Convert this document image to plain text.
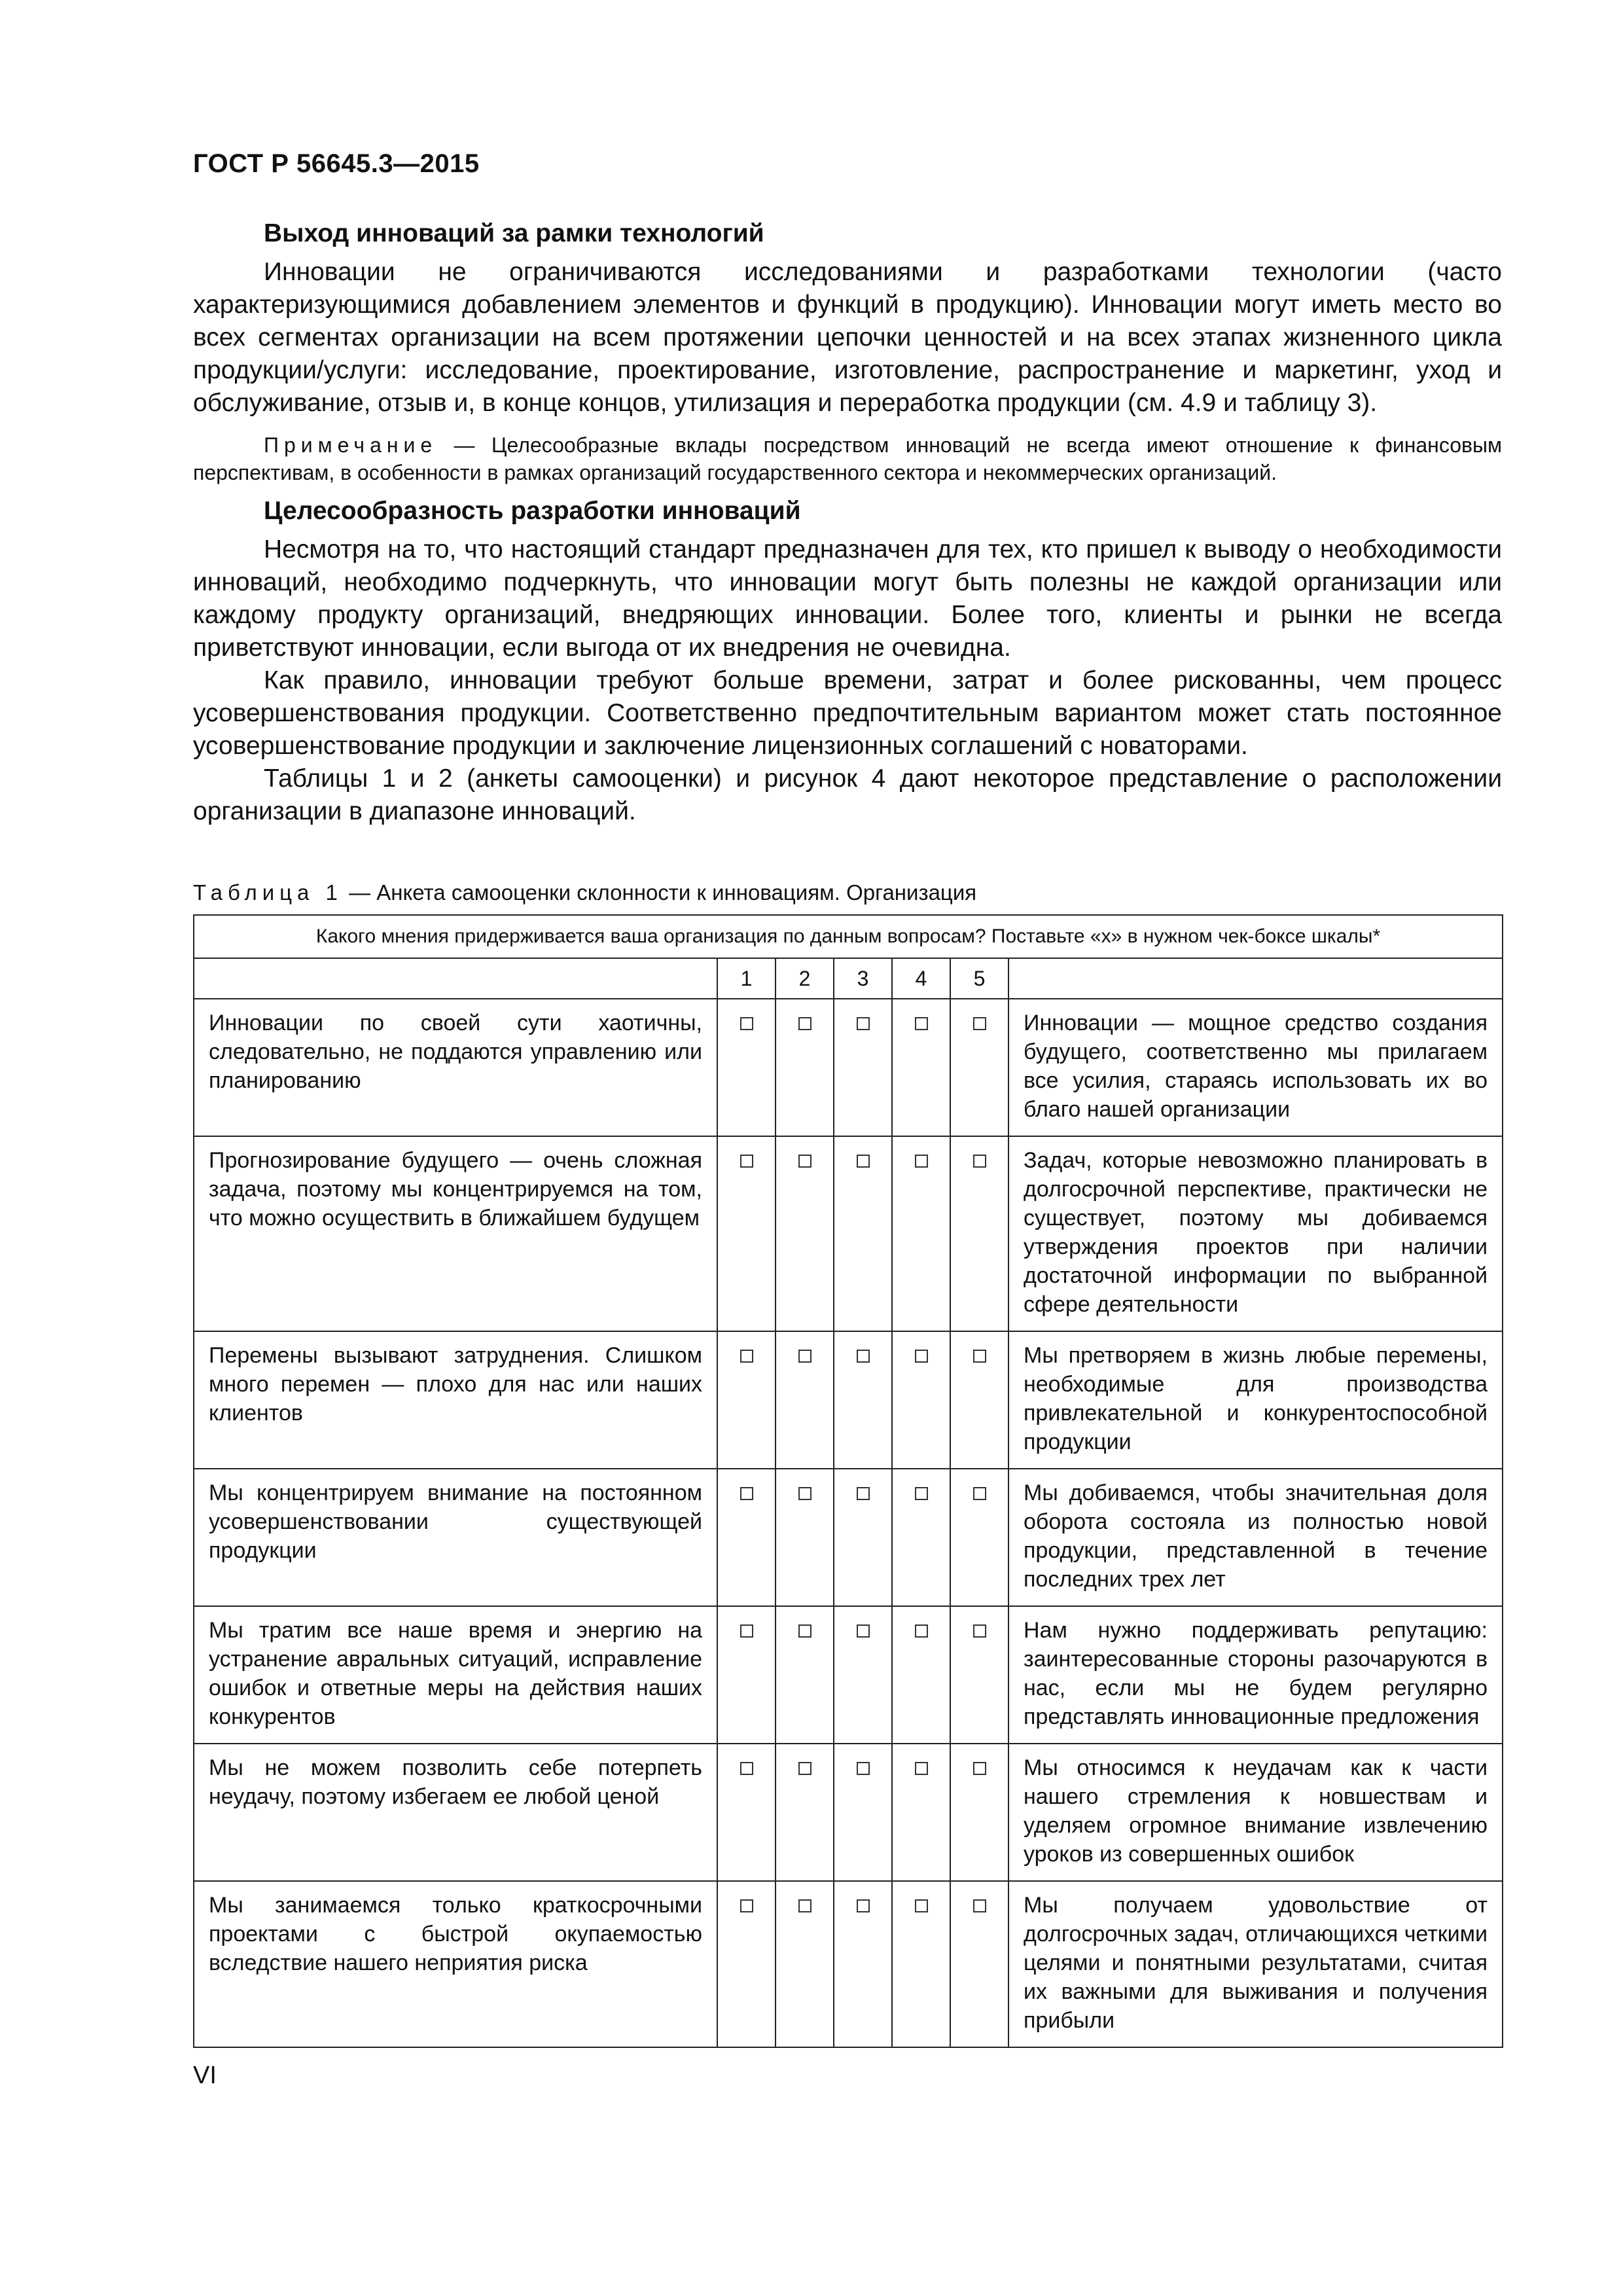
ГОСТ Р 56645.3—2015
Выход инноваций за рамки технологий

Инновации не ограничиваются исследованиями и разработками технологии (часто характеризующимися добавлением элементов и функций в продукцию). Инновации могут иметь место во всех сегментах организации на всем протяжении цепочки ценностей и на всех этапах жизненного цикла продукции/услуги: исследование, проектирование, изготовление, распространение и маркетинг, уход и обслуживание, отзыв и, в конце концов, утилизация и переработка продукции (см. 4.9 и таблицу 3).

Примечание — Целесообразные вклады посредством инноваций не всегда имеют отношение к финансовым перспективам, в особенности в рамках организаций государственного сектора и некоммерческих организаций.

Целесообразность разработки инноваций

Несмотря на то, что настоящий стандарт предназначен для тех, кто пришел к выводу о необходимости инноваций, необходимо подчеркнуть, что инновации могут быть полезны не каждой организации или каждому продукту организаций, внедряющих инновации. Более того, клиенты и рынки не всегда приветствуют инновации, если выгода от их внедрения не очевидна.

Как правило, инновации требуют больше времени, затрат и более рискованны, чем процесс усовершенствования продукции. Соответственно предпочтительным вариантом может стать постоянное усовершенствование продукции и заключение лицензионных соглашений с новаторами.

Таблицы 1 и 2 (анкеты самооценки) и рисунок 4 дают некоторое представление о расположении организации в диапазоне инноваций.

Таблица 1 — Анкета самооценки склонности к инновациям. Организация

Какого мнения придерживается ваша организация по данным вопросам? Поставьте «x» в нужном чек-боксе шкалы*						
	1	2	3	4	5	
Инновации по своей сути хаотичны, следовательно, не поддаются управлению или планированию						Инновации — мощное средство создания будущего, соответственно мы прилагаем все усилия, стараясь использовать их во благо нашей организации
Прогнозирование будущего — очень сложная задача, поэтому мы концентрируемся на том, что можно осуществить в ближайшем будущем						Задач, которые невозможно планировать в долгосрочной перспективе, практически не существует, поэтому мы добиваемся утверждения проектов при наличии достаточной информации по выбранной сфере деятельности
Перемены вызывают затруднения. Слишком много перемен — плохо для нас или наших клиентов						Мы претворяем в жизнь любые перемены, необходимые для производства привлекательной и конкурентоспособной продукции
Мы концентрируем внимание на постоянном усовершенствовании существующей продукции						Мы добиваемся, чтобы значительная доля оборота состояла из полностью новой продукции, представленной в течение последних трех лет
Мы тратим все наше время и энергию на устранение авральных ситуаций, исправление ошибок и ответные меры на действия наших конкурентов						Нам нужно поддерживать репутацию: заинтересованные стороны разочаруются в нас, если мы не будем регулярно представлять инновационные предложения
Мы не можем позволить себе потерпеть неудачу, поэтому избегаем ее любой ценой						Мы относимся к неудачам как к части нашего стремления к новшествам и уделяем огромное внимание извлечению уроков из совершенных ошибок
Мы занимаемся только краткосрочными проектами с быстрой окупаемостью вследствие нашего неприятия риска						Мы получаем удовольствие от долгосрочных задач, отличающихся четкими целями и понятными результатами, считая их важными для выживания и получения прибыли
VI
